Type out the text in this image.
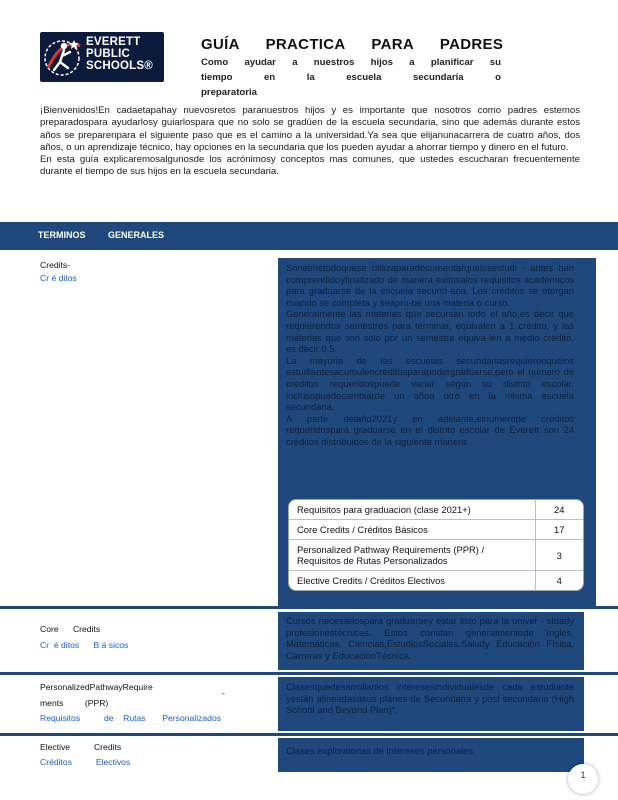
EVERETT
PUBLIC
SCHOOLS®
GUÍA PRACTICA PARA PADRES
Como ayudar a nuestros hijos a planificar su
tiempo en la escuela secundaria o preparatoria

¡Bienvenidos!En cadaetapahay nuevosretos paranuestros hijos y es importante que nosotros como padres estemos preparadospara ayudarlosy guiarlospara que no solo se gradúen de la escuela secundaria, sino que además durante estos años se preparenpara el siguiente paso que es el camino a la universidad.Ya sea que elijanunacarrera de cuatro años, dos años, o un aprendizaje técnico, hay opciones en la secundaria que los pueden ayudar a ahorrar tiempo y dinero en el futuro.

En esta guía explicaremosalgunosde los acrónimosy conceptos mas comunes, que ustedes escucharan frecuentemente durante el tiempo de sus hijos en la escuela secundaria.

TERMINOS GENERALES
Credits-
Cr é ditos

Sonelmétodoquese utilizaparadocumentarquelosestudi - antes han comprendidoyfinalizado de manera exitosalos requisitos académicos para graduarse de la escuela secund-aria. Los créditos se otorgan cuando se completa y seapru-be una materia o curso.

Generalmente las materias que secursan todo el año,es decir que requierendos semestres para terminar, equivalen a 1 crédito, y las materias que son solo por un semestre equiva-len a medio crédito, es decir 0.5.

La mayoria de las escuelas secundariasrequierenquelos estudiantesacumulencréditosparapodergraduarse,pero el numero de créditos requeridospuede variar según su distrito escolar, inclusopuedecambiarde un añoa otro en la misma escuela secundaria.

A partir delaño2021y en adelante,elnumerode créditos requeridospara graduarse en el distrito escolar de Everett son 24 créditos distribuidos de la siguiente manera:

Requisitos para graduacion (clase 2021+)	24
Core Credits / Créditos Básicos	17
Personalized Pathway Requirements (PPR) / Requisitos de Rutas Personalizados	3
Elective Credits / Créditos Electivos	4
Core      Credits
Cr  é ditos      B á sicos
Cursos necesariospara graduarsey estar listo para la univer - sidady profesionestécnicas. Estos constan generalmentede Ingles, Matemáticas, Ciencias,EstudiosSociales,Saludy Educación Física, Carreras y EducaciónTécnica.
PersonalizedPathwayRequire
-
ments         (PPR)
Requisitos          de    Rutas       Personalizados
Clasesquedesarrollanlos interesesindividualesde cada estudiante yestán alineadasasus planes de Secundaria y post secundaria (High School and Beyond Plan)*.
Elective          Credits
Créditos          Electivos
Clases exploratorias de intereses personales
1
